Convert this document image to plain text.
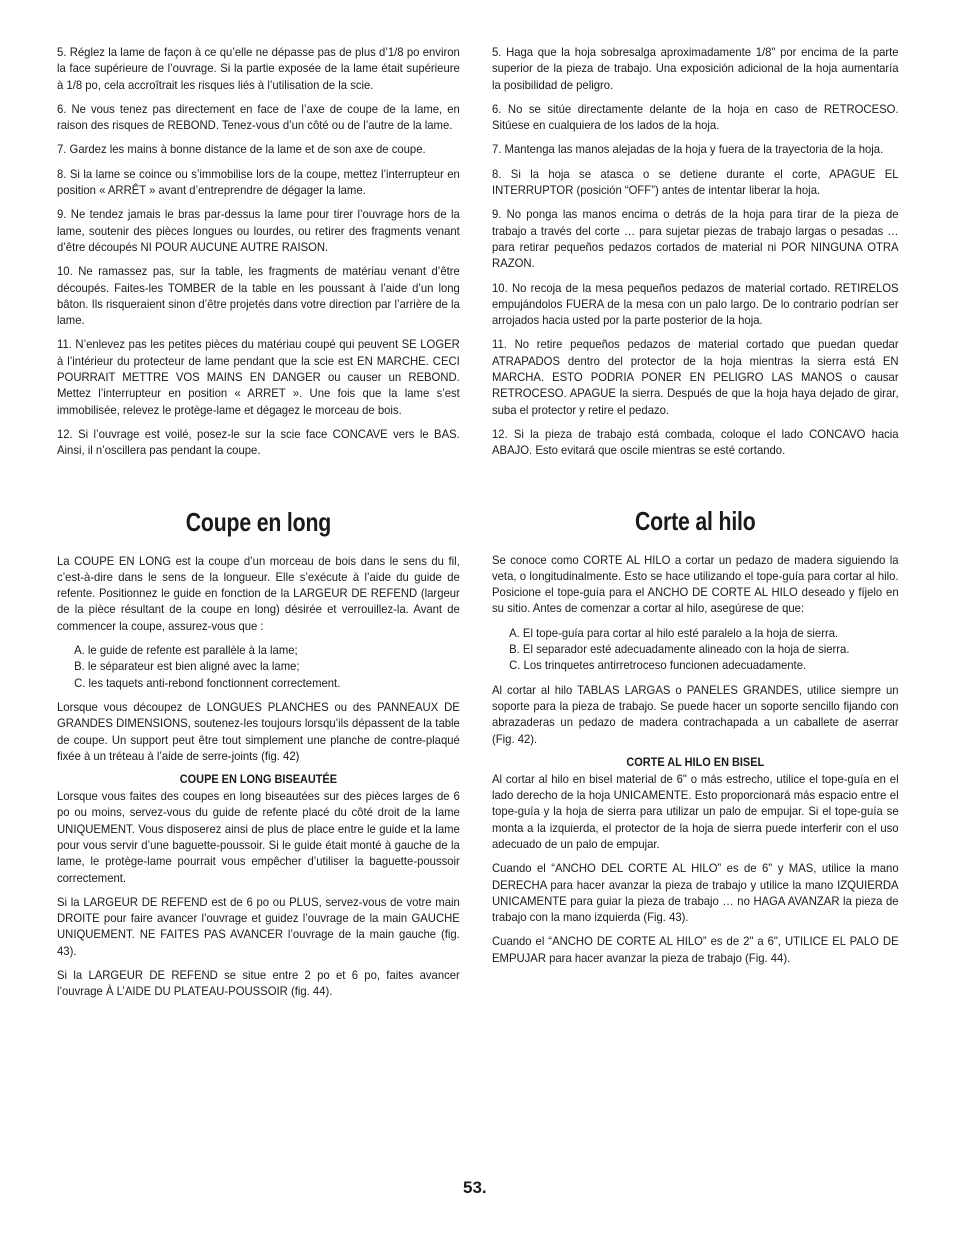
5. Réglez la lame de façon à ce qu’elle ne dépasse pas de plus d’1/8 po environ la face supérieure de l’ouvrage. Si la partie exposée de la lame était supérieure à 1/8 po, cela accroîtrait les risques liés à l’utilisation de la scie.

6. Ne vous tenez pas directement en face de l’axe de coupe de la lame, en raison des risques de REBOND. Tenez-vous d’un côté ou de l’autre de la lame.

7. Gardez les mains à bonne distance de la lame et de son axe de coupe.

8. Si la lame se coince ou s’immobilise lors de la coupe, mettez l’interrupteur en position « ARRÊT » avant d’entreprendre de dégager la lame.

9. Ne tendez jamais le bras par-dessus la lame pour tirer l’ouvrage hors de la lame, soutenir des pièces longues ou lourdes, ou retirer des fragments venant d’être découpés NI POUR AUCUNE AUTRE RAISON.

10. Ne ramassez pas, sur la table, les fragments de matériau venant d’être découpés. Faites-les TOMBER de la table en les poussant à l’aide d’un long bâton. Ils risqueraient sinon d’être projetés dans votre direction par l’arrière de la lame.

11. N’enlevez pas les petites pièces du matériau coupé qui peuvent SE LOGER à l’intérieur du protecteur de lame pendant que la scie est EN MARCHE. CECI POURRAIT METTRE VOS MAINS EN DANGER ou causer un REBOND. Mettez l’interrupteur en position « ARRET ». Une fois que la lame s’est immobilisée, relevez le protège-lame et dégagez le morceau de bois.

12. Si l’ouvrage est voilé, posez-le sur la scie face CONCAVE vers le BAS. Ainsi, il n’oscillera pas pendant la coupe.

Coupe en long

La COUPE EN LONG est la coupe d’un morceau de bois dans le sens du fil, c’est-à-dire dans le sens de la longueur. Elle s’exécute à l’aide du guide de refente. Positionnez le guide en fonction de la LARGEUR DE REFEND (largeur de la pièce résultant de la coupe en long) désirée et verrouillez-la. Avant de commencer la coupe, assurez-vous que :

A. le guide de refente est parallèle à la lame;
B. le séparateur est bien aligné avec la lame;
C. les taquets anti-rebond fonctionnent correctement.

Lorsque vous découpez de LONGUES PLANCHES ou des PANNEAUX DE GRANDES DIMENSIONS, soutenez-les toujours lorsqu’ils dépassent de la table de coupe. Un support peut être tout simplement une planche de contre-plaqué fixée à un tréteau à l’aide de serre-joints (fig. 42)

COUPE EN LONG BISEAUTÉE

Lorsque vous faites des coupes en long biseautées sur des pièces larges de 6 po ou moins, servez-vous du guide de refente placé du côté droit de la lame UNIQUEMENT. Vous disposerez ainsi de plus de place entre le guide et la lame pour vous servir d’une baguette-poussoir. Si le guide était monté à gauche de la lame, le protège-lame pourrait vous empêcher d’utiliser la baguette-poussoir correctement.

Si la LARGEUR DE REFEND est de 6 po ou PLUS, servez-vous de votre main DROITE pour faire avancer l’ouvrage et guidez l’ouvrage de la main GAUCHE UNIQUEMENT. NE FAITES PAS AVANCER l’ouvrage de la main gauche (fig. 43).

Si la LARGEUR DE REFEND se situe entre 2 po et 6 po, faites avancer l’ouvrage À L’AIDE DU PLATEAU-POUSSOIR (fig. 44).

5. Haga que la hoja sobresalga aproximadamente 1/8" por encima de la parte superior de la pieza de trabajo. Una exposición adicional de la hoja aumentaría la posibilidad de peligro.

6. No se sitúe directamente delante de la hoja en caso de RETROCESO. Sitúese en cualquiera de los lados de la hoja.

7. Mantenga las manos alejadas de la hoja y fuera de la trayectoria de la hoja.

8. Si la hoja se atasca o se detiene durante el corte, APAGUE EL INTERRUPTOR (posición “OFF”) antes de intentar liberar la hoja.

9. No ponga las manos encima o detrás de la hoja para tirar de la pieza de trabajo a través del corte … para sujetar piezas de trabajo largas o pesadas … para retirar pequeños pedazos cortados de material ni POR NINGUNA OTRA RAZON.

10. No recoja de la mesa pequeños pedazos de material cortado. RETIRELOS empujándolos FUERA de la mesa con un palo largo. De lo contrario podrían ser arrojados hacia usted por la parte posterior de la hoja.

11. No retire pequeños pedazos de material cortado que puedan quedar ATRAPADOS dentro del protector de la hoja mientras la sierra está EN MARCHA. ESTO PODRIA PONER EN PELIGRO LAS MANOS o causar RETROCESO. APAGUE la sierra. Después de que la hoja haya dejado de girar, suba el protector y retire el pedazo.

12. Si la pieza de trabajo está combada, coloque el lado CONCAVO hacia ABAJO. Esto evitará que oscile mientras se esté cortando.

Corte al hilo

Se conoce como CORTE AL HILO a cortar un pedazo de madera siguiendo la veta, o longitudinalmente. Esto se hace utilizando el tope-guía para cortar al hilo. Posicione el tope-guía para el ANCHO DE CORTE AL HILO deseado y fíjelo en su sitio. Antes de comenzar a cortar al hilo, asegúrese de que:

A. El tope-guía para cortar al hilo esté paralelo a la hoja de sierra.
B. El separador esté adecuadamente alineado con la hoja de sierra.
C. Los trinquetes antirretroceso funcionen adecuadamente.

Al cortar al hilo TABLAS LARGAS o PANELES GRANDES, utilice siempre un soporte para la pieza de trabajo. Se puede hacer un soporte sencillo fijando con abrazaderas un pedazo de madera contrachapada a un caballete de aserrar (Fig. 42).

CORTE AL HILO EN BISEL

Al cortar al hilo en bisel material de 6" o más estrecho, utilice el tope-guía en el lado derecho de la hoja UNICAMENTE. Esto proporcionará más espacio entre el tope-guía y la hoja de sierra para utilizar un palo de empujar. Si el tope-guía se monta a la izquierda, el protector de la hoja de sierra puede interferir con el uso adecuado de un palo de empujar.

Cuando el “ANCHO DEL CORTE AL HILO” es de 6" y MAS, utilice la mano DERECHA para hacer avanzar la pieza de trabajo y utilice la mano IZQUIERDA UNICAMENTE para guiar la pieza de trabajo … no HAGA AVANZAR la pieza de trabajo con la mano izquierda (Fig. 43).

Cuando el “ANCHO DE CORTE AL HILO” es de 2" a 6", UTILICE EL PALO DE EMPUJAR para hacer avanzar la pieza de trabajo (Fig. 44).

53.
